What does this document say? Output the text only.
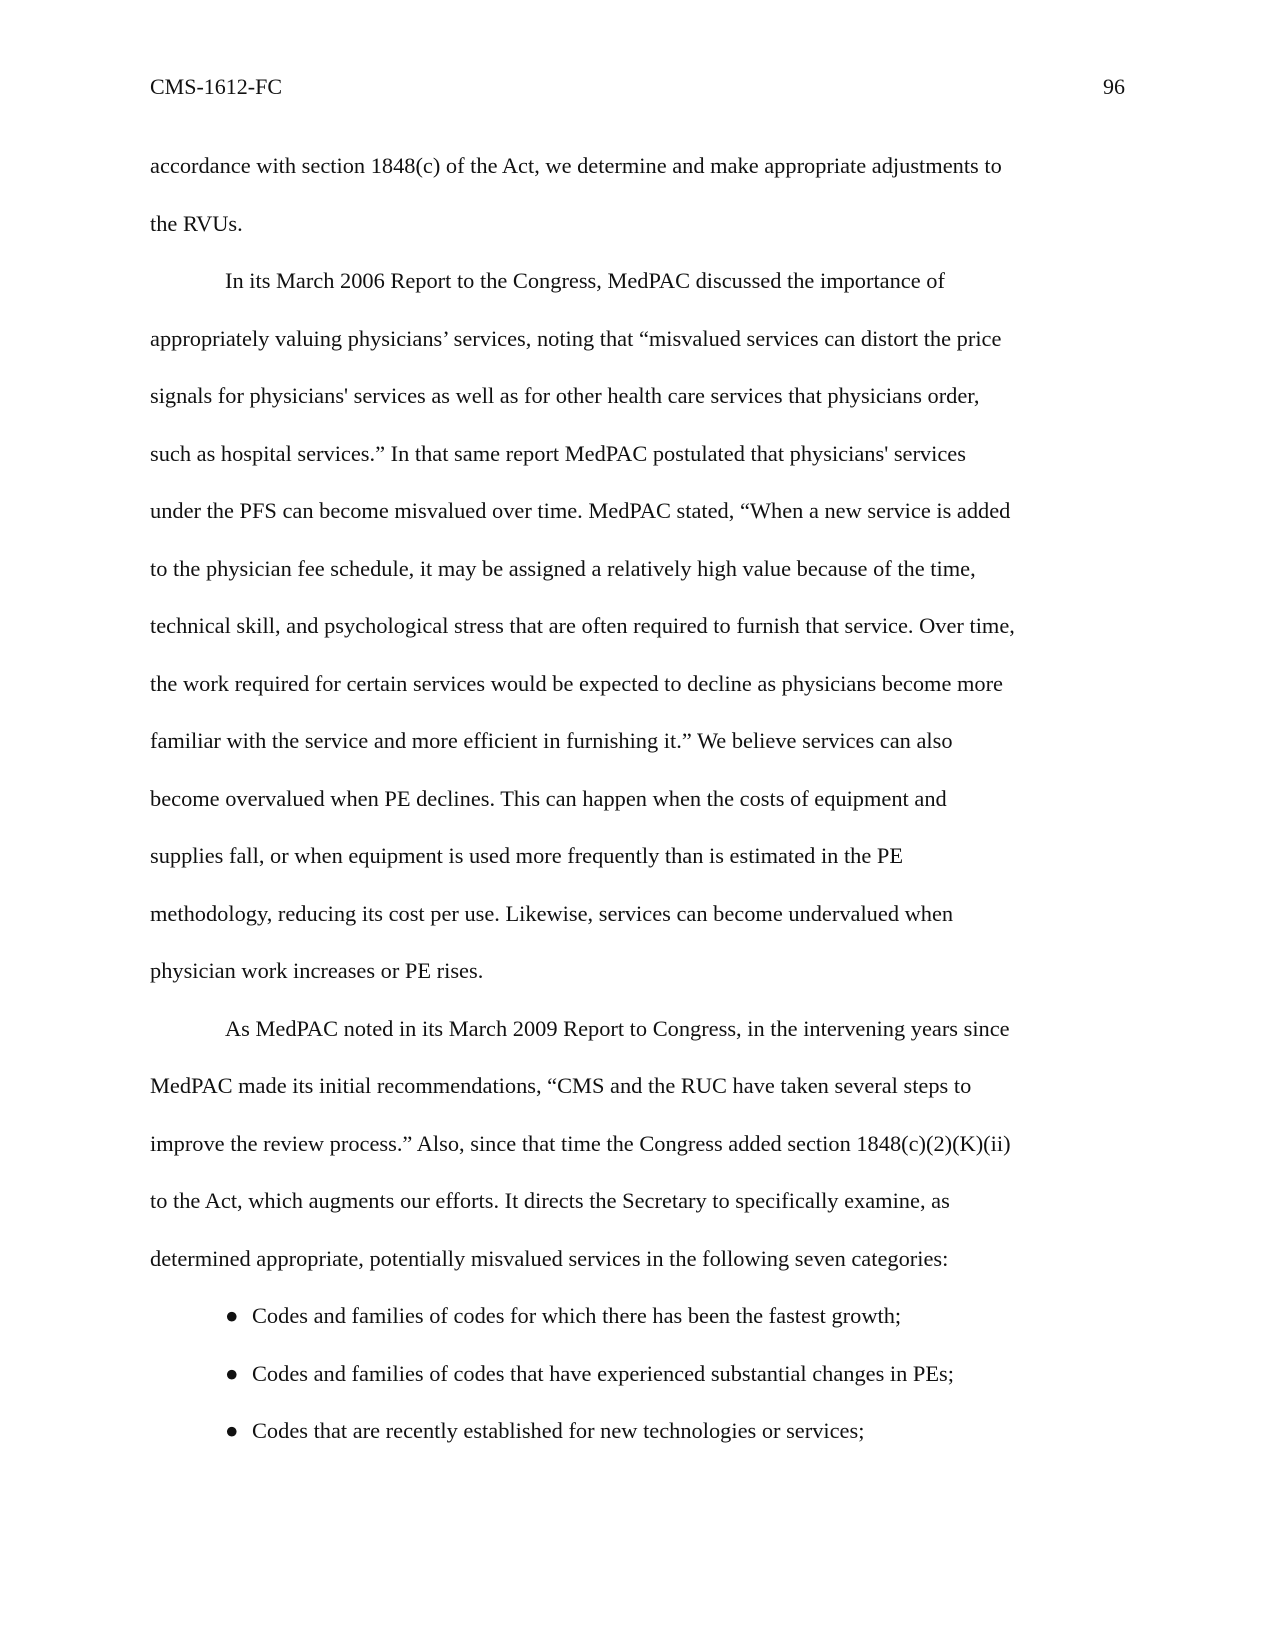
CMS-1612-FC	96
accordance with section 1848(c) of the Act, we determine and make appropriate adjustments to
the RVUs.
In its March 2006 Report to the Congress, MedPAC discussed the importance of
appropriately valuing physicians’ services, noting that “misvalued services can distort the price
signals for physicians' services as well as for other health care services that physicians order,
such as hospital services.” In that same report MedPAC postulated that physicians' services
under the PFS can become misvalued over time. MedPAC stated, “When a new service is added
to the physician fee schedule, it may be assigned a relatively high value because of the time,
technical skill, and psychological stress that are often required to furnish that service. Over time,
the work required for certain services would be expected to decline as physicians become more
familiar with the service and more efficient in furnishing it.” We believe services can also
become overvalued when PE declines. This can happen when the costs of equipment and
supplies fall, or when equipment is used more frequently than is estimated in the PE
methodology, reducing its cost per use. Likewise, services can become undervalued when
physician work increases or PE rises.
As MedPAC noted in its March 2009 Report to Congress, in the intervening years since
MedPAC made its initial recommendations, “CMS and the RUC have taken several steps to
improve the review process.” Also, since that time the Congress added section 1848(c)(2)(K)(ii)
to the Act, which augments our efforts. It directs the Secretary to specifically examine, as
determined appropriate, potentially misvalued services in the following seven categories:
● Codes and families of codes for which there has been the fastest growth;
● Codes and families of codes that have experienced substantial changes in PEs;
● Codes that are recently established for new technologies or services;
